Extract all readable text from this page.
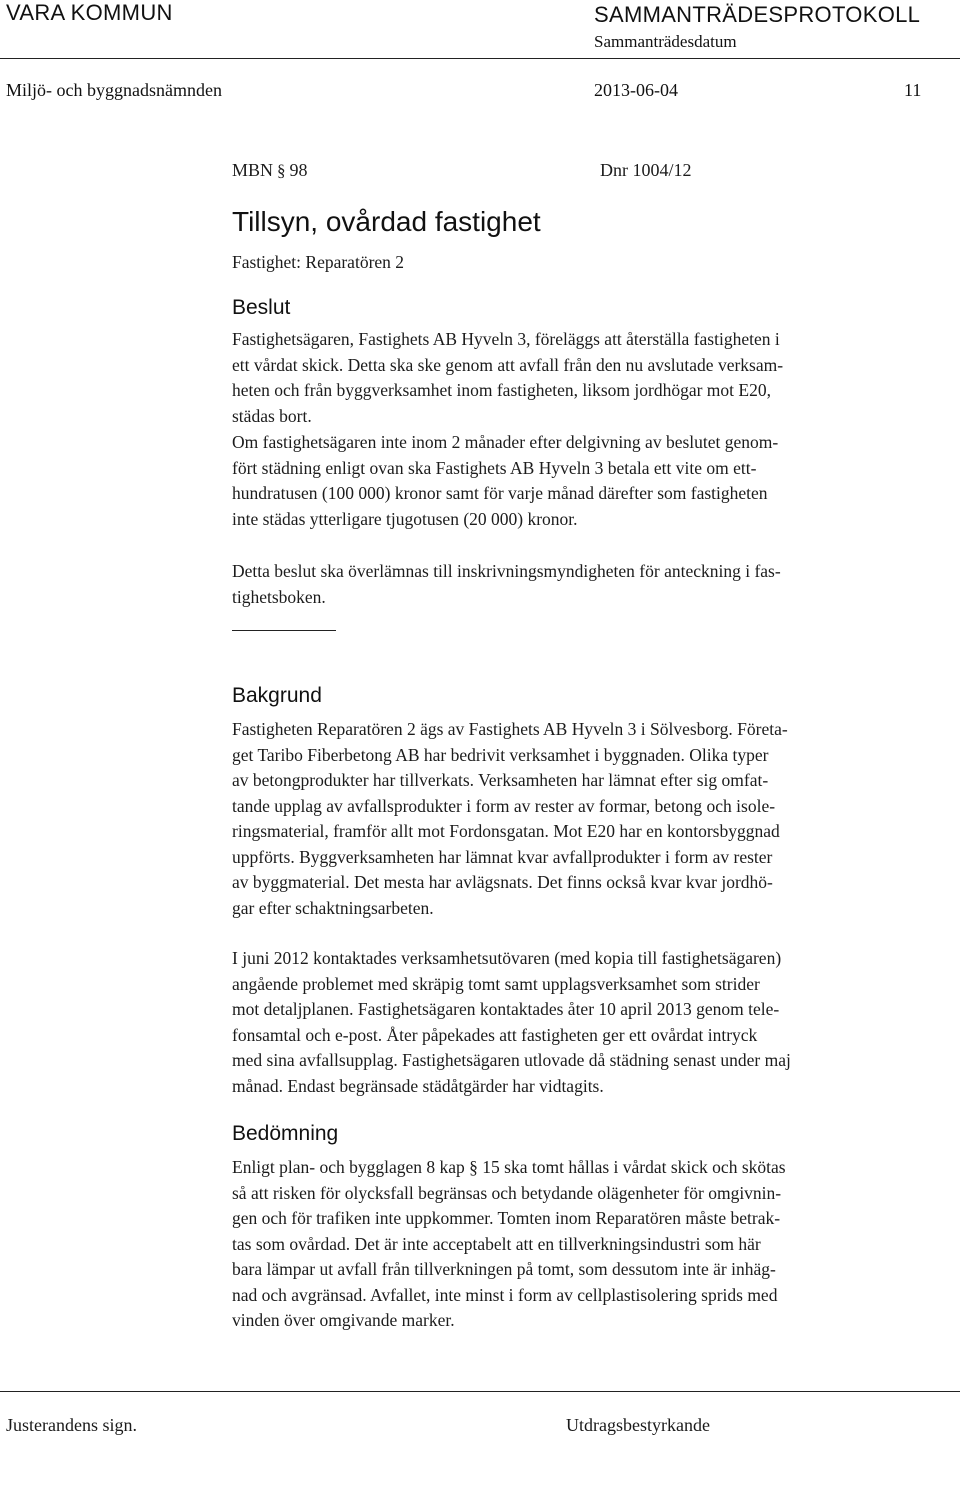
VARA KOMMUN	SAMMANTRÄDESPROTOKOLL
Sammanträdesdatum
Miljö- och byggnadsnämnden	2013-06-04	11
MBN § 98	Dnr 1004/12
Tillsyn, ovårdad fastighet
Fastighet: Reparatören 2
Beslut
Fastighetsägaren, Fastighets AB Hyveln 3, föreläggs att återställa fastigheten i
ett vårdat skick. Detta ska ske genom att avfall från den nu avslutade verksam-
heten och från byggverksamhet inom fastigheten, liksom jordhögar mot E20,
städas bort.
Om fastighetsägaren inte inom 2 månader efter delgivning av beslutet genom-
fört städning enligt ovan ska Fastighets AB Hyveln 3 betala ett vite om ett-
hundratusen (100 000) kronor samt för varje månad därefter som fastigheten
inte städas ytterligare tjugotusen (20 000) kronor.
Detta beslut ska överlämnas till inskrivningsmyndigheten för anteckning i fas-
tighetsboken.
Bakgrund
Fastigheten Reparatören 2 ägs av Fastighets AB Hyveln 3 i Sölvesborg. Företa-
get Taribo Fiberbetong AB har bedrivit verksamhet i byggnaden. Olika typer
av betongprodukter har tillverkats. Verksamheten har lämnat efter sig omfat-
tande upplag av avfallsprodukter i form av rester av formar, betong och isole-
ringsmaterial, framför allt mot Fordonsgatan. Mot E20 har en kontorsbyggnad
uppförts. Byggverksamheten har lämnat kvar avfallprodukter i form av rester
av byggmaterial. Det mesta har avlägsnats. Det finns också kvar kvar jordhö-
gar efter schaktningsarbeten.
I juni 2012 kontaktades verksamhetsutövaren (med kopia till fastighetsägaren)
angående problemet med skräpig tomt samt upplagsverksamhet som strider
mot detaljplanen. Fastighetsägaren kontaktades åter 10 april 2013 genom tele-
fonsamtal och e-post. Åter påpekades att fastigheten ger ett ovårdat intryck
med sina avfallsupplag. Fastighetsägaren utlovade då städning senast under maj
månad. Endast begränsade städåtgärder har vidtagits.
Bedömning
Enligt plan- och bygglagen 8 kap § 15 ska tomt hållas i vårdat skick och skötas
så att risken för olycksfall begränsas och betydande olägenheter för omgivnin-
gen och för trafiken inte uppkommer. Tomten inom Reparatören måste betrak-
tas som ovårdad. Det är inte acceptabelt att en tillverkningsindustri som här
bara lämpar ut avfall från tillverkningen på tomt, som dessutom inte är inhäg-
nad och avgränsad. Avfallet, inte minst i form av cellplastisolering sprids med
vinden över omgivande marker.
Justerandens sign.	Utdragsbestyrkande
